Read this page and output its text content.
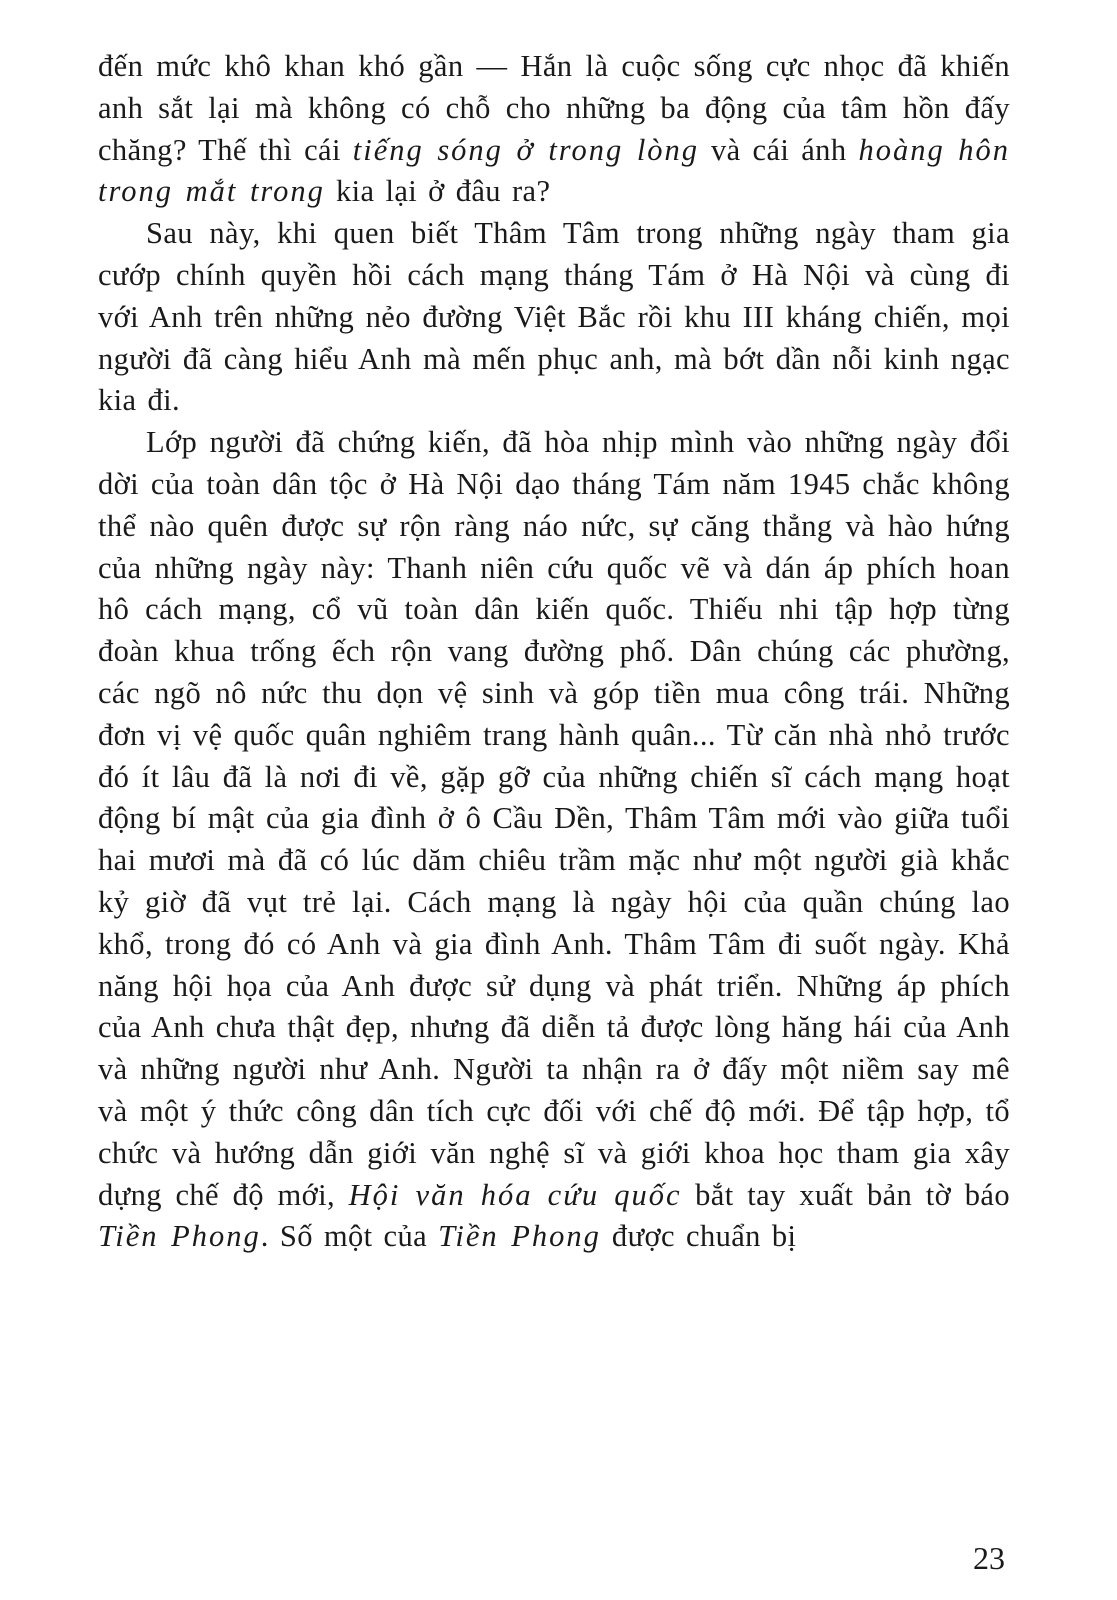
đến mức khô khan khó gần — Hắn là cuộc sống cực nhọc đã khiến anh sắt lại mà không có chỗ cho những ba động của tâm hồn đấy chăng? Thế thì cái tiếng sóng ở trong lòng và cái ánh hoàng hôn trong mắt trong kia lại ở đâu ra?

Sau này, khi quen biết Thâm Tâm trong những ngày tham gia cướp chính quyền hồi cách mạng tháng Tám ở Hà Nội và cùng đi với Anh trên những nẻo đường Việt Bắc rồi khu III kháng chiến, mọi người đã càng hiểu Anh mà mến phục anh, mà bớt dần nỗi kinh ngạc kia đi.

Lớp người đã chứng kiến, đã hòa nhịp mình vào những ngày đổi dời của toàn dân tộc ở Hà Nội dạo tháng Tám năm 1945 chắc không thể nào quên được sự rộn ràng náo nức, sự căng thẳng và hào hứng của những ngày này: Thanh niên cứu quốc vẽ và dán áp phích hoan hô cách mạng, cổ vũ toàn dân kiến quốc. Thiếu nhi tập hợp từng đoàn khua trống ếch rộn vang đường phố. Dân chúng các phường, các ngõ nô nức thu dọn vệ sinh và góp tiền mua công trái. Những đơn vị vệ quốc quân nghiêm trang hành quân... Từ căn nhà nhỏ trước đó ít lâu đã là nơi đi về, gặp gỡ của những chiến sĩ cách mạng hoạt động bí mật của gia đình ở ô Cầu Dền, Thâm Tâm mới vào giữa tuổi hai mươi mà đã có lúc dăm chiêu trầm mặc như một người già khắc kỷ giờ đã vụt trẻ lại. Cách mạng là ngày hội của quần chúng lao khổ, trong đó có Anh và gia đình Anh. Thâm Tâm đi suốt ngày. Khả năng hội họa của Anh được sử dụng và phát triển. Những áp phích của Anh chưa thật đẹp, nhưng đã diễn tả được lòng hăng hái của Anh và những người như Anh. Người ta nhận ra ở đấy một niềm say mê và một ý thức công dân tích cực đối với chế độ mới. Để tập hợp, tổ chức và hướng dẫn giới văn nghệ sĩ và giới khoa học tham gia xây dựng chế độ mới, Hội văn hóa cứu quốc bắt tay xuất bản tờ báo Tiền Phong. Số một của Tiền Phong được chuẩn bị

23
